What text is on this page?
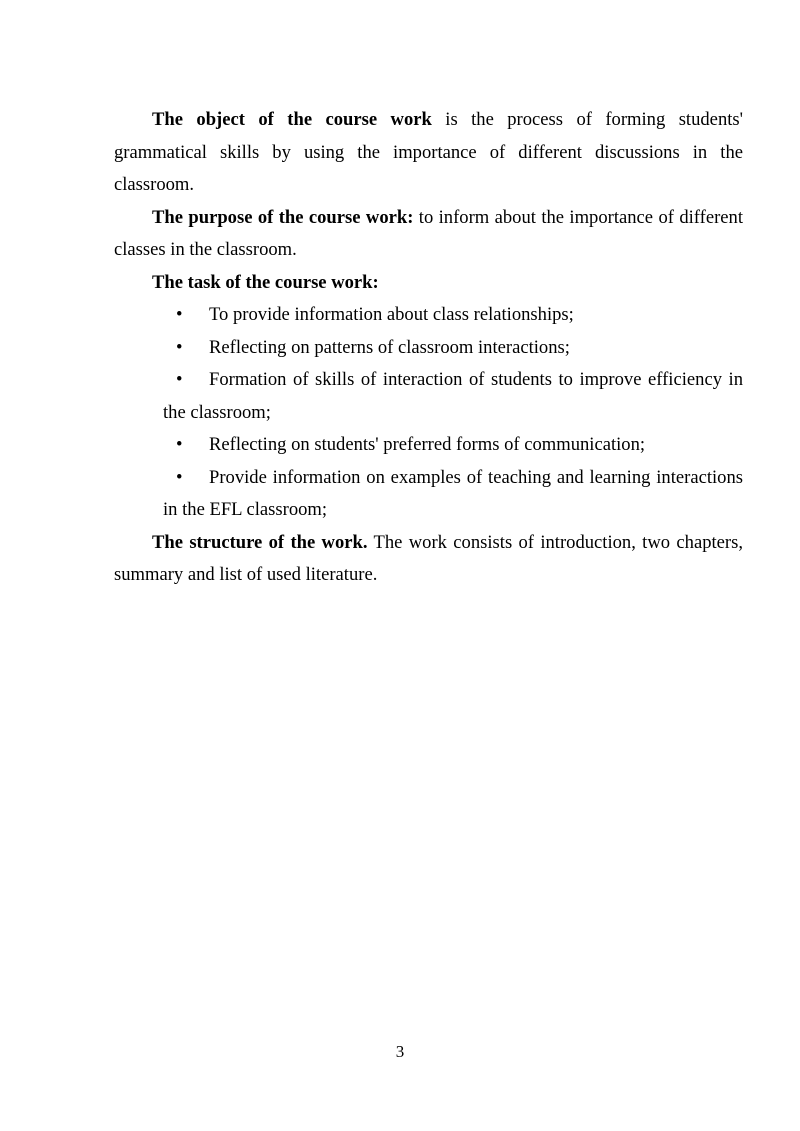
The object of the course work is the process of forming students' grammatical skills by using the importance of different discussions in the classroom.

The purpose of the course work: to inform about the importance of different classes in the classroom.

The task of the course work:

• To provide information about class relationships;
• Reflecting on patterns of classroom interactions;
• Formation of skills of interaction of students to improve efficiency in the classroom;
• Reflecting on students' preferred forms of communication;
• Provide information on examples of teaching and learning interactions in the EFL classroom;

The structure of the work. The work consists of introduction, two chapters, summary and list of used literature.

3
